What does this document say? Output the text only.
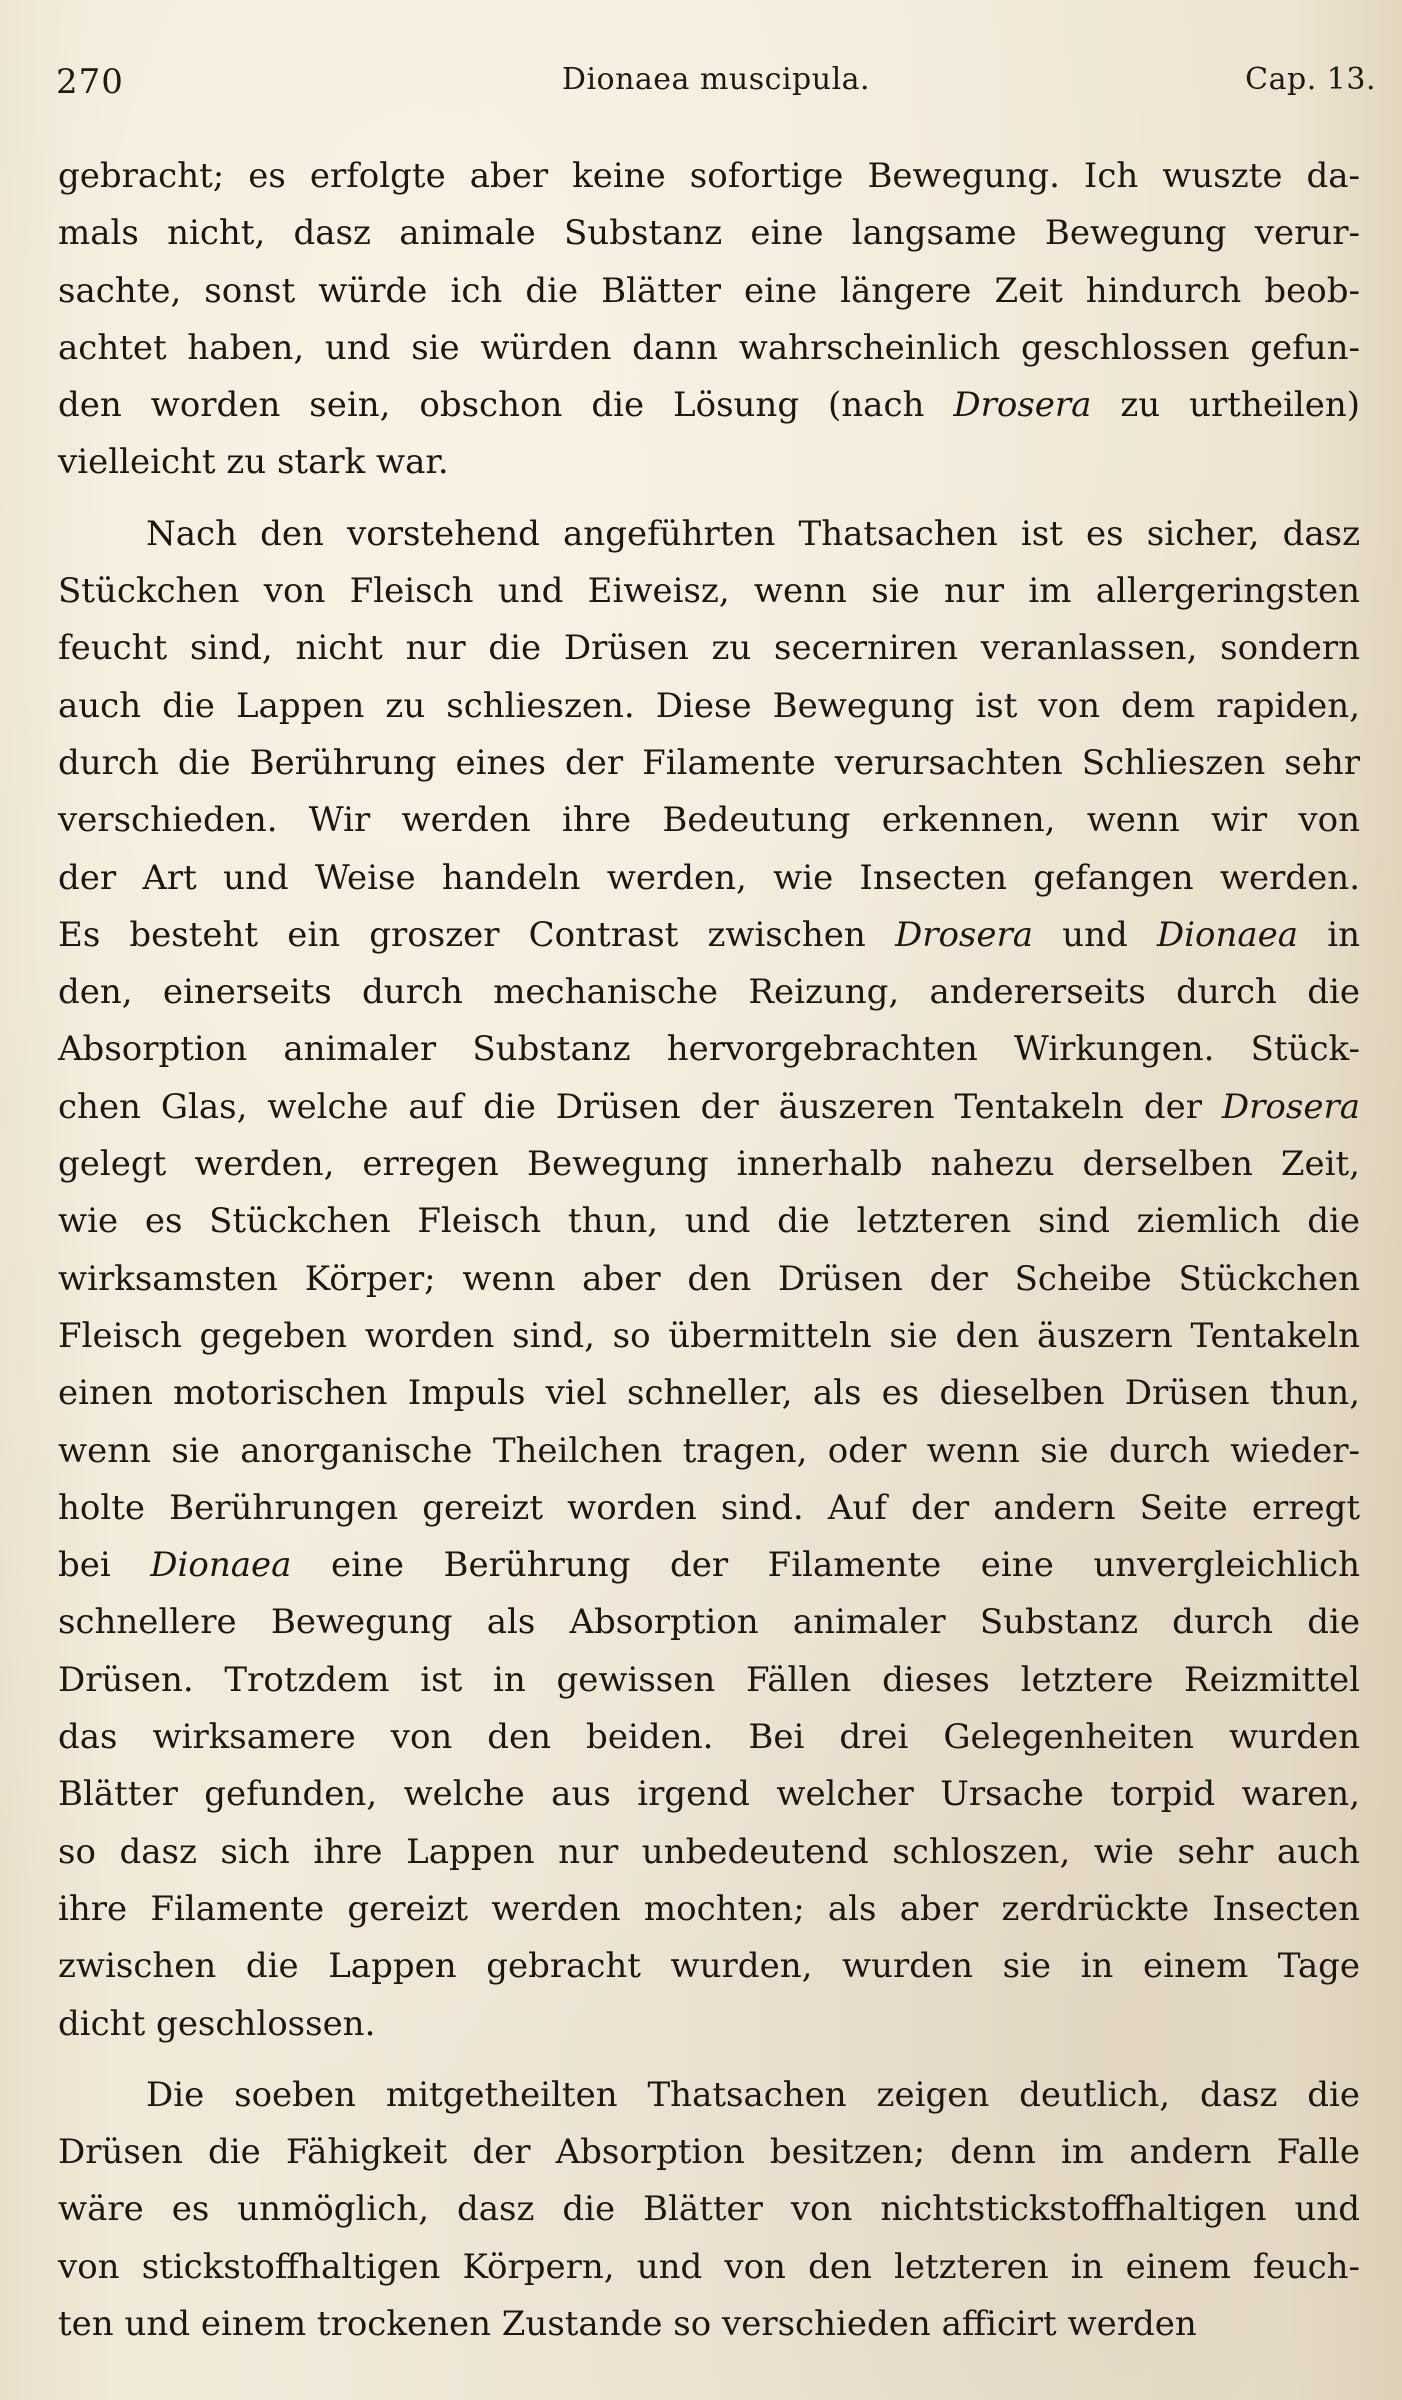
270	Dionaea muscipula.	Cap. 13.
gebracht; es erfolgte aber keine sofortige Bewegung. Ich wuszte da-
mals nicht, dasz animale Substanz eine langsame Bewegung verur-
sachte, sonst würde ich die Blätter eine längere Zeit hindurch beob-
achtet haben, und sie würden dann wahrscheinlich geschlossen gefun-
den worden sein, obschon die Lösung (nach Drosera zu urtheilen)
vielleicht zu stark war.
Nach den vorstehend angeführten Thatsachen ist es sicher, dasz
Stückchen von Fleisch und Eiweisz, wenn sie nur im allergeringsten
feucht sind, nicht nur die Drüsen zu secerniren veranlassen, sondern
auch die Lappen zu schlieszen. Diese Bewegung ist von dem rapiden,
durch die Berührung eines der Filamente verursachten Schlieszen sehr
verschieden. Wir werden ihre Bedeutung erkennen, wenn wir von
der Art und Weise handeln werden, wie Insecten gefangen werden.
Es besteht ein groszer Contrast zwischen Drosera und Dionaea in
den, einerseits durch mechanische Reizung, andererseits durch die
Absorption animaler Substanz hervorgebrachten Wirkungen. Stück-
chen Glas, welche auf die Drüsen der äuszeren Tentakeln der Drosera
gelegt werden, erregen Bewegung innerhalb nahezu derselben Zeit,
wie es Stückchen Fleisch thun, und die letzteren sind ziemlich die
wirksamsten Körper; wenn aber den Drüsen der Scheibe Stückchen
Fleisch gegeben worden sind, so übermitteln sie den äuszern Tentakeln
einen motorischen Impuls viel schneller, als es dieselben Drüsen thun,
wenn sie anorganische Theilchen tragen, oder wenn sie durch wieder-
holte Berührungen gereizt worden sind. Auf der andern Seite erregt
bei Dionaea eine Berührung der Filamente eine unvergleichlich
schnellere Bewegung als Absorption animaler Substanz durch die
Drüsen. Trotzdem ist in gewissen Fällen dieses letztere Reizmittel
das wirksamere von den beiden. Bei drei Gelegenheiten wurden
Blätter gefunden, welche aus irgend welcher Ursache torpid waren,
so dasz sich ihre Lappen nur unbedeutend schloszen, wie sehr auch
ihre Filamente gereizt werden mochten; als aber zerdrückte Insecten
zwischen die Lappen gebracht wurden, wurden sie in einem Tage
dicht geschlossen.
Die soeben mitgetheilten Thatsachen zeigen deutlich, dasz die
Drüsen die Fähigkeit der Absorption besitzen; denn im andern Falle
wäre es unmöglich, dasz die Blätter von nichtstickstoffhaltigen und
von stickstoffhaltigen Körpern, und von den letzteren in einem feuch-
ten und einem trockenen Zustande so verschieden afficirt werden
